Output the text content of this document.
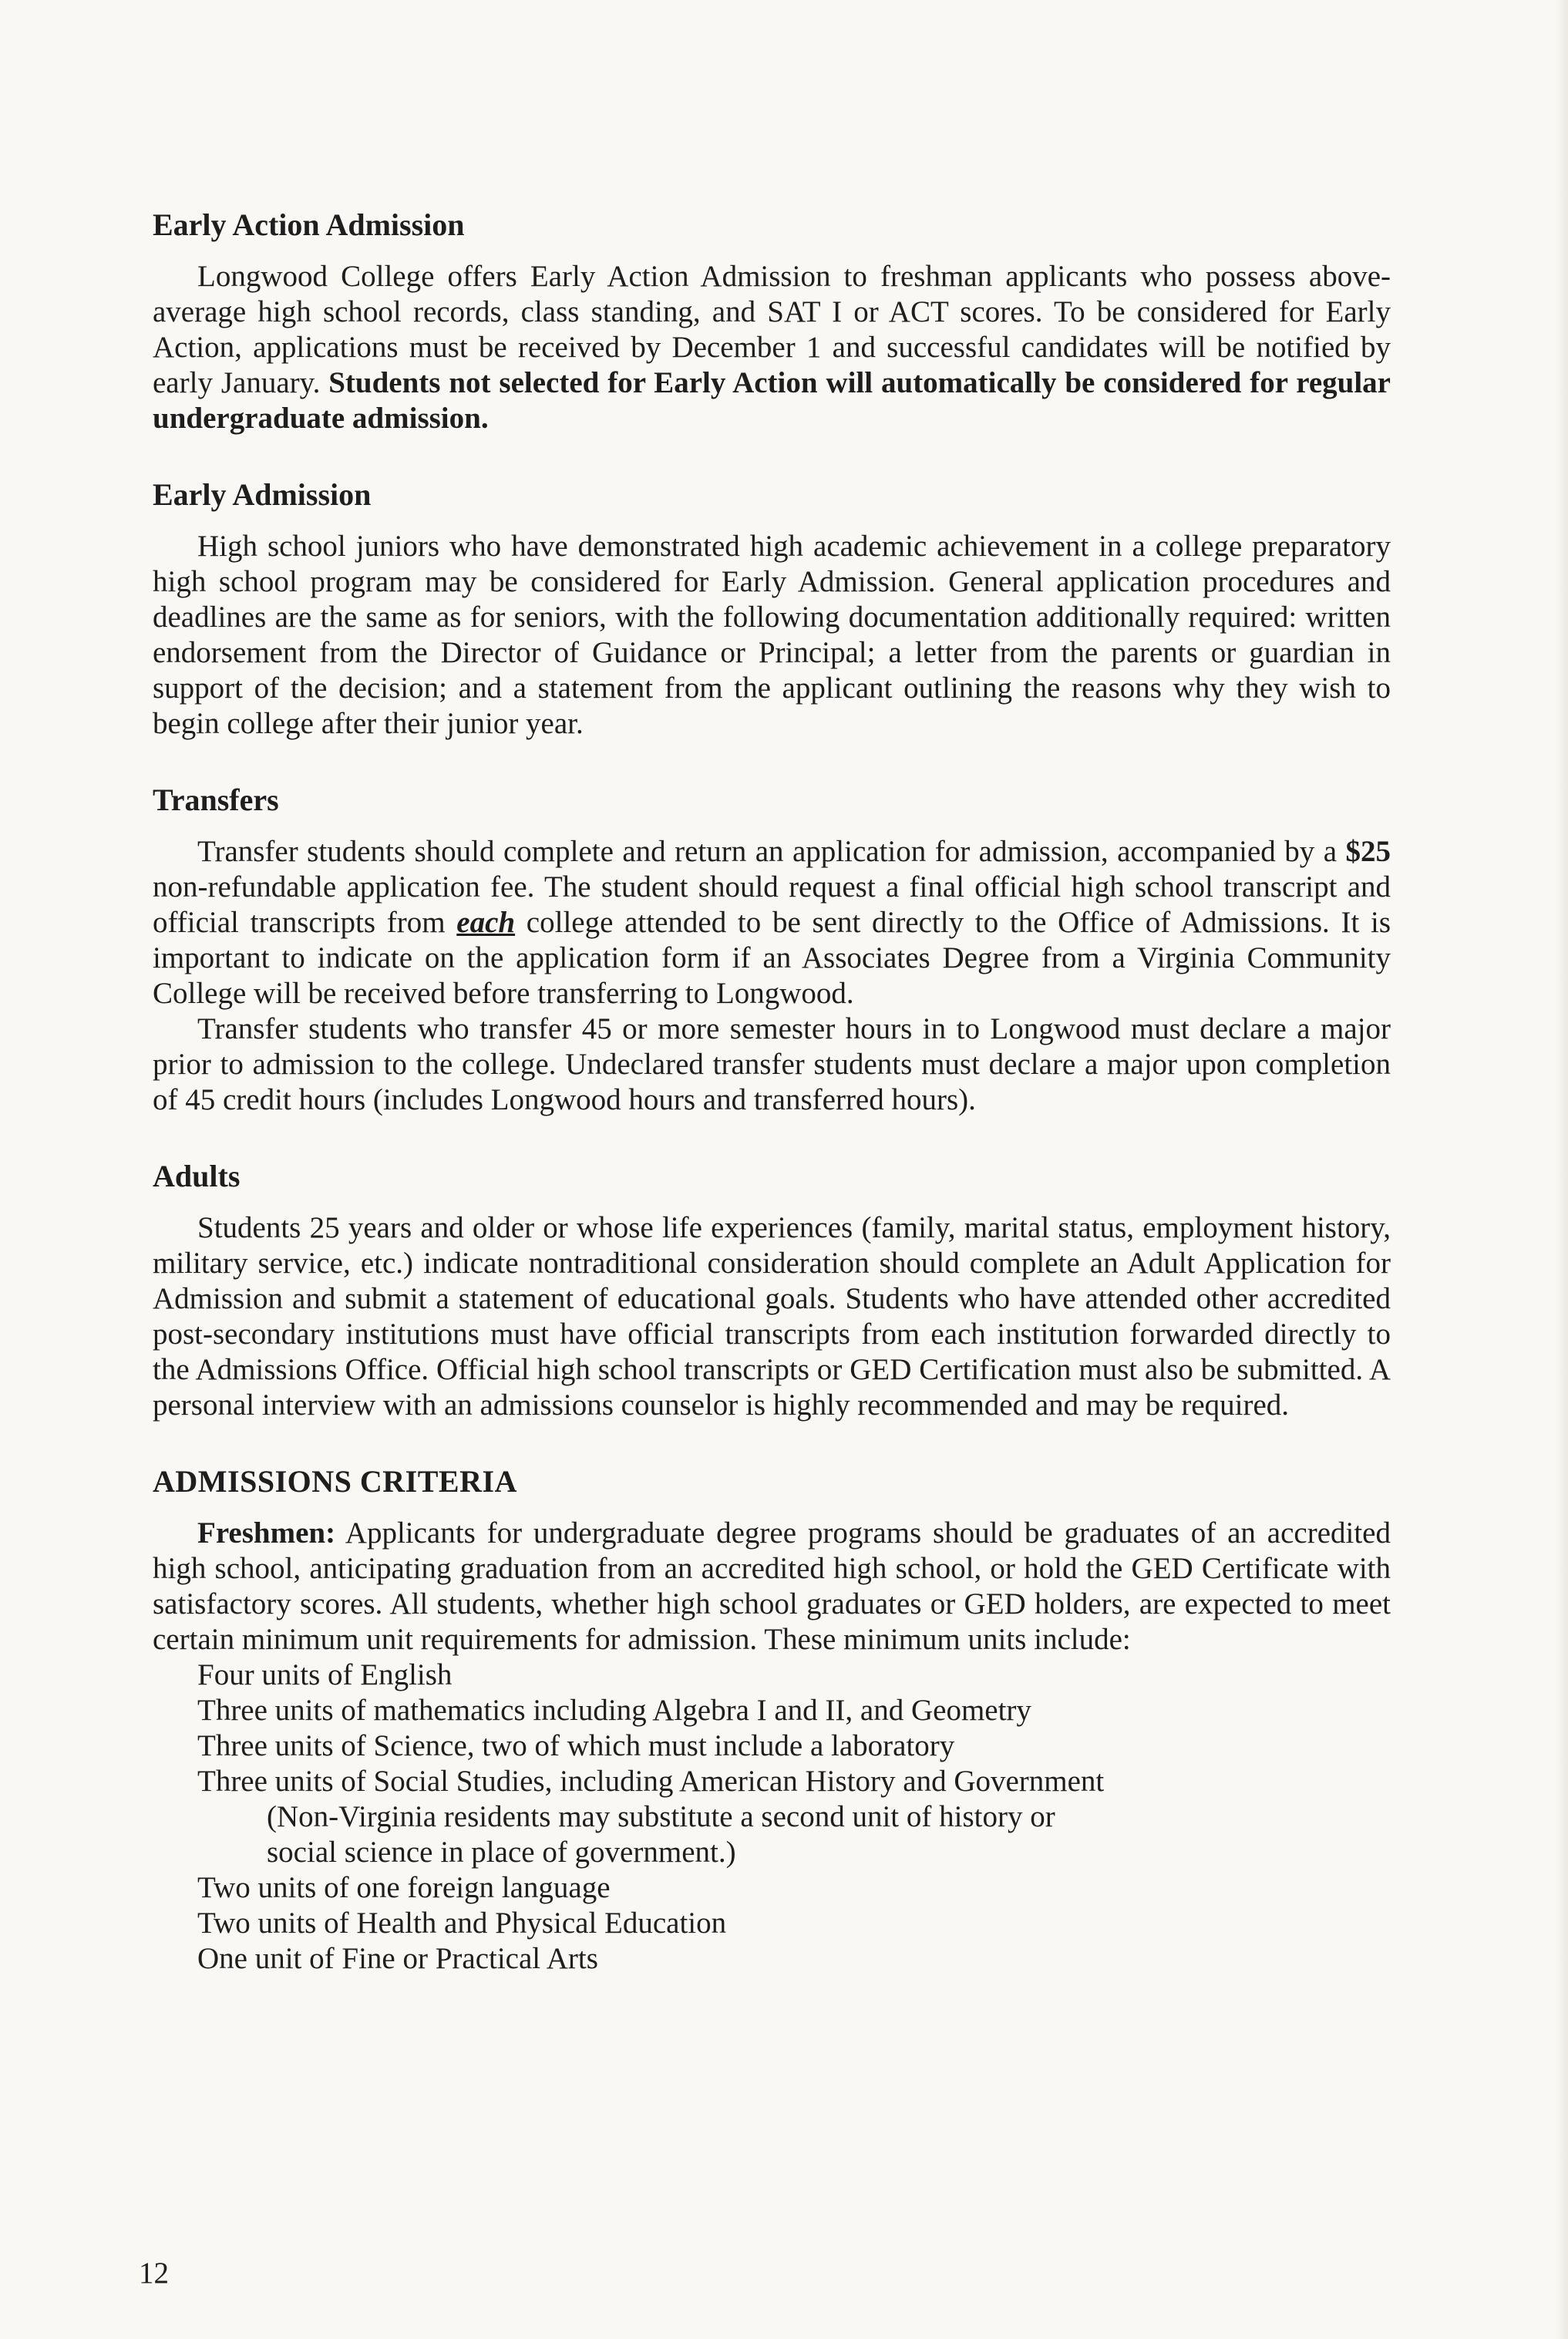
Early Action Admission

Longwood College offers Early Action Admission to freshman applicants who possess above-average high school records, class standing, and SAT I or ACT scores. To be considered for Early Action, applications must be received by December 1 and successful candidates will be notified by early January. Students not selected for Early Action will automatically be considered for regular undergraduate admission.

Early Admission

High school juniors who have demonstrated high academic achievement in a college preparatory high school program may be considered for Early Admission. General application procedures and deadlines are the same as for seniors, with the following documentation additionally required: written endorsement from the Director of Guidance or Principal; a letter from the parents or guardian in support of the decision; and a statement from the applicant outlining the reasons why they wish to begin college after their junior year.

Transfers

Transfer students should complete and return an application for admission, accompanied by a $25 non-refundable application fee. The student should request a final official high school transcript and official transcripts from each college attended to be sent directly to the Office of Admissions. It is important to indicate on the application form if an Associates Degree from a Virginia Community College will be received before transferring to Longwood.

Transfer students who transfer 45 or more semester hours in to Longwood must declare a major prior to admission to the college. Undeclared transfer students must declare a major upon completion of 45 credit hours (includes Longwood hours and transferred hours).

Adults

Students 25 years and older or whose life experiences (family, marital status, employment history, military service, etc.) indicate nontraditional consideration should complete an Adult Application for Admission and submit a statement of educational goals. Students who have attended other accredited post-secondary institutions must have official transcripts from each institution forwarded directly to the Admissions Office. Official high school transcripts or GED Certification must also be submitted. A personal interview with an admissions counselor is highly recommended and may be required.

ADMISSIONS CRITERIA

Freshmen: Applicants for undergraduate degree programs should be graduates of an accredited high school, anticipating graduation from an accredited high school, or hold the GED Certificate with satisfactory scores. All students, whether high school graduates or GED holders, are expected to meet certain minimum unit requirements for admission. These minimum units include:

Four units of English
Three units of mathematics including Algebra I and II, and Geometry
Three units of Science, two of which must include a laboratory
Three units of Social Studies, including American History and Government
(Non-Virginia residents may substitute a second unit of history or
social science in place of government.)
Two units of one foreign language
Two units of Health and Physical Education
One unit of Fine or Practical Arts
12
